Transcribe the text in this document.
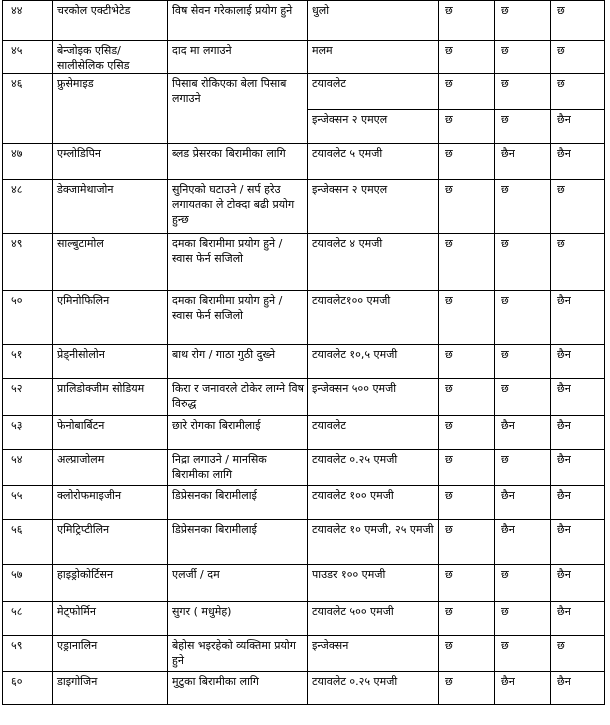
४४	चरकोल एक्टीभेटेड	विष सेवन गरेकालाई प्रयोग हुने	धुलो	छ	छ	छ
४५	बेन्जोइक एसिड/ सालीसेलिक एसिड	दाद मा लगाउने	मलम	छ	छ	छ
४६	फ्रुसेमाइड	पिसाब रोकिएका बेला पिसाब लगाउने	टयावलेट	छ	छ	छ
			इन्जेक्सन २ एमएल	छ	छ	छैन
४७	एम्लोडिपिन	ब्लड प्रेसरका बिरामीका लागि	टयावलेट ५ एमजी	छ	छैन	छैन
४८	डेक्जामेथाजोन	सुनिएको घटाउने / सर्प हरेउ लगायतका ले टोक्दा बढी प्रयोग हुन्छ	इन्जेक्सन २ एमएल	छ	छ	छ
४९	साल्बुटामोल	दमका बिरामीमा प्रयोग हुने / स्वास फेर्न सजिलो	टयावलेट ४ एमजी	छ	छ	छ
५०	एमिनोफिलिन	दमका बिरामीमा प्रयोग हुने / स्वास फेर्न सजिलो	टयावलेट१०० एमजी	छ	छ	छैन
५१	प्रेड्नीसोलोन	बाथ रोग / गाठा गुठी दुख्ने	टयावलेट १०,५ एमजी	छ	छ	छैन
५२	प्रालिडोक्जीम सोडियम	किरा र जनावरले टोकेर लाग्ने विष विरुद्ध	इन्जेक्सन ५०० एमजी	छ	छ	छैन
५३	फेनोबार्बिटन	छारे रोगका बिरामीलाई	टयावलेट	छ	छैन	छैन
५४	अल्प्राजोलम	निद्रा लगाउने / मानसिक बिरामीका लागि	टयावलेट ०.२५ एमजी	छ	छ	छैन
५५	क्लोरोफमाइजीन	डिप्रेसनका बिरामीलाई	टयावलेट १०० एमजी	छ	छैन	छैन
५६	एमिट्रिप्टीलिन	डिप्रेसनका बिरामीलाई	टयावलेट १० एमजी, २५ एमजी	छ	छैन	छैन
५७	हाइड्रोकोर्टिसन	एलर्जी / दम	पाउडर १०० एमजी	छ	छ	छैन
५८	मेट्फोर्मिन	सुगर ( मधुमेह)	टयावलेट ५०० एमजी	छ	छ	छैन
५९	एड्रानालिन	बेहोस भइरहेको व्यक्तिमा प्रयोग हुने	इन्जेक्सन	छ	छ	छ
६०	डाइगोजिन	मुटुका बिरामीका लागि	टयावलेट ०.२५ एमजी	छ	छैन	छैन
